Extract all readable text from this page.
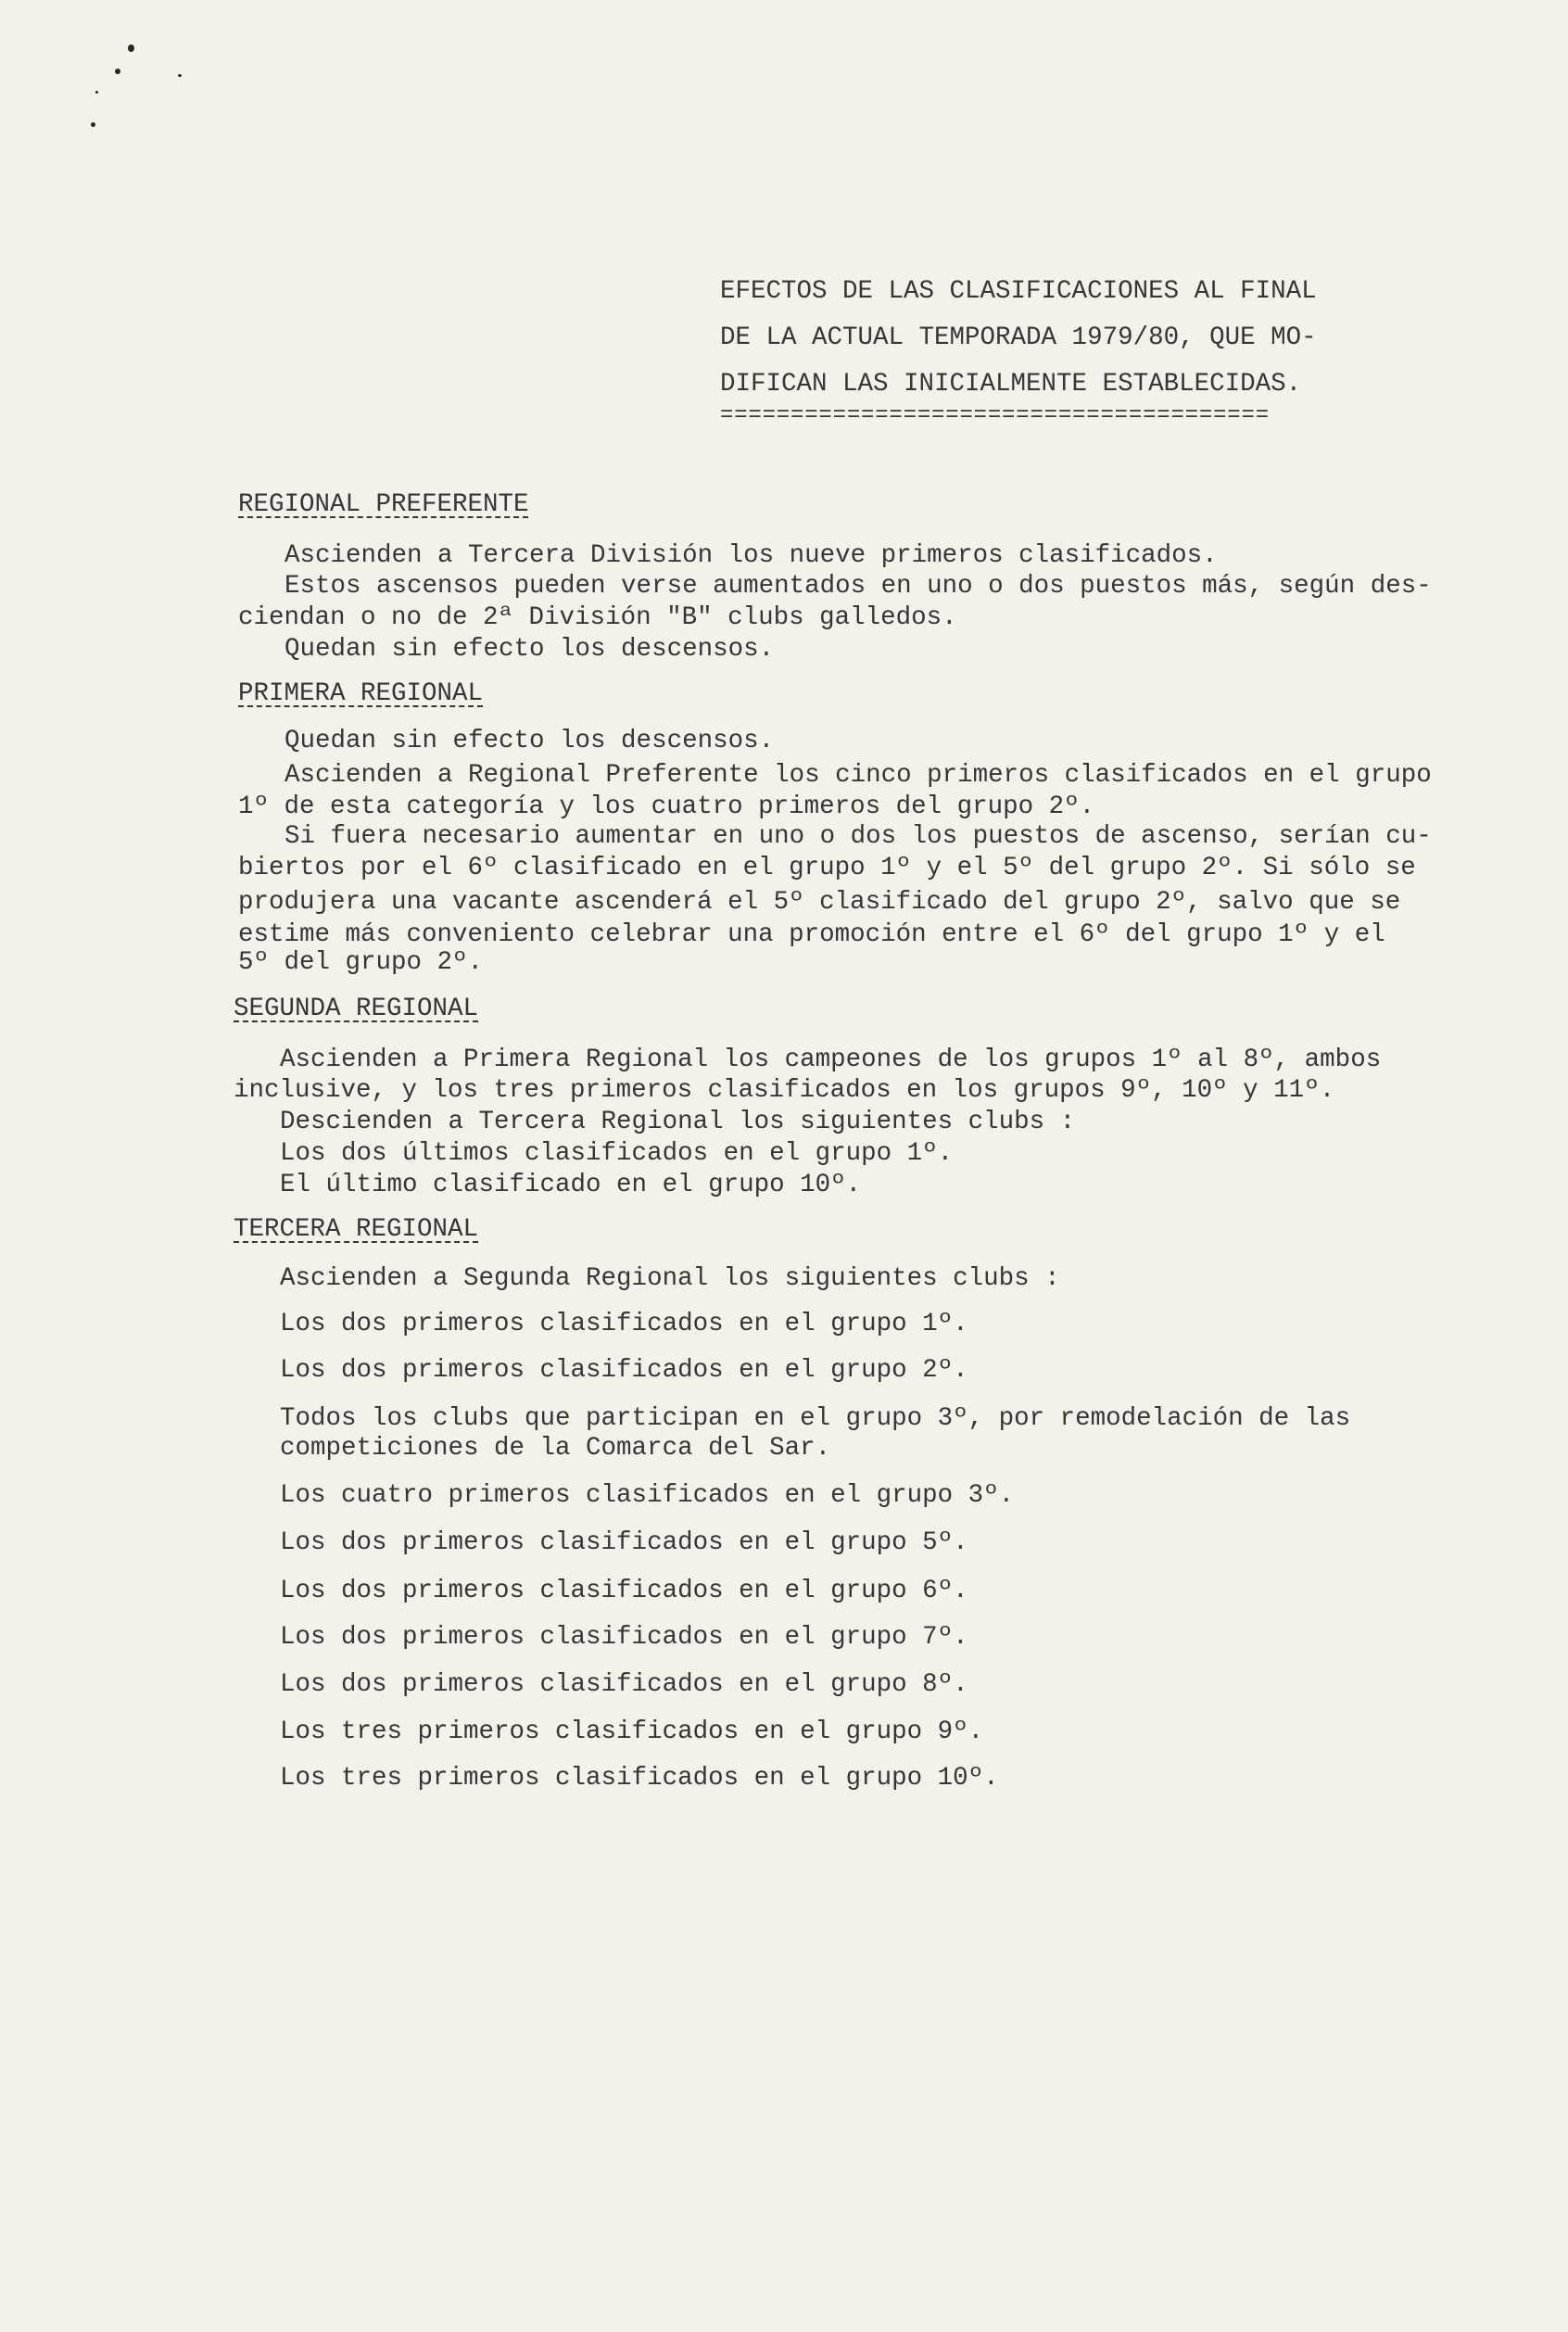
EFECTOS DE LAS CLASIFICACIONES AL FINAL
DE LA ACTUAL TEMPORADA 1979/80, QUE MO-
DIFICAN LAS INICIALMENTE ESTABLECIDAS.
=======================================
REGIONAL PREFERENTE
Ascienden a Tercera División los nueve primeros clasificados.
Estos ascensos pueden verse aumentados en uno o dos puestos más, según des-
ciendan o no de 2ª División "B" clubs galledos.
Quedan sin efecto los descensos.
PRIMERA REGIONAL
Quedan sin efecto los descensos.
Ascienden a Regional Preferente los cinco primeros clasificados en el grupo
1º de esta categoría y los cuatro primeros del grupo 2º.
Si fuera necesario aumentar en uno o dos los puestos de ascenso, serían cu-
biertos por el 6º clasificado en el grupo 1º y el 5º del grupo 2º. Si sólo se
produjera una vacante ascenderá el 5º clasificado del grupo 2º, salvo que se
estime más conveniento celebrar una promoción entre el 6º del grupo 1º y el
5º del grupo 2º.
SEGUNDA REGIONAL
Ascienden a Primera Regional los campeones de los grupos 1º al 8º, ambos
inclusive, y los tres primeros clasificados en los grupos 9º, 10º y 11º.
Descienden a Tercera Regional los siguientes clubs :
Los dos últimos clasificados en el grupo 1º.
El último clasificado en el grupo 10º.
TERCERA REGIONAL
Ascienden a Segunda Regional los siguientes clubs :
Los dos primeros clasificados en el grupo 1º.
Los dos primeros clasificados en el grupo 2º.
Todos los clubs que participan en el grupo 3º, por remodelación de las
competiciones de la Comarca del Sar.
Los cuatro primeros clasificados en el grupo 3º.
Los dos primeros clasificados en el grupo 5º.
Los dos primeros clasificados en el grupo 6º.
Los dos primeros clasificados en el grupo 7º.
Los dos primeros clasificados en el grupo 8º.
Los tres primeros clasificados en el grupo 9º.
Los tres primeros clasificados en el grupo 10º.
